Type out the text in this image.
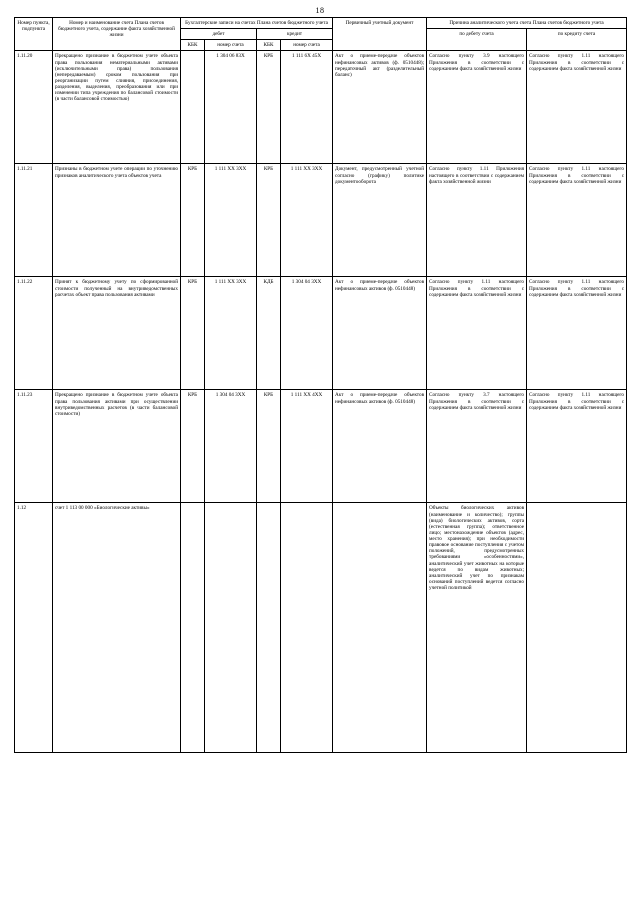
18
Номер пункта, подпункта	Номер и наименование счета Плана счетов бюджетного учета, содержание факта хозяйственной жизни	Бухгалтерские записи на счетах Плана счетов бюджетного учета				Первичный учетный документ	Причина аналитического учета счета Плана счетов бюджетного учета	
		дебет		кредит			по дебету счета	по кредиту счета
		КБК	номер счета	КБК	номер счета			
1.11.20	Прекращено признание в бюджетном учете объекта права пользования нематериальными активами (исключительными права) пользования (непередаваемым) сроком пользования при реорганизации путем слияния, присоединения, разделения, выделения, преобразования или при изменении типа учреждения по балансовой стоимости (в части балансовой стоимостью)		1 304 06 83Х	КРБ	1 111 6Х 45Х	Акт о приеме-передаче объектов нефинансовых активов (ф. 0510448); передаточный акт (разделительный баланс)	Согласно пункту 3.9 настоящего Приложения в соответствии с содержанием факта хозяйственной жизни	Согласно пункту 1.11 настоящего Приложения в соответствии с содержанием факта хозяйственной жизни
1.11.21	Признаны в бюджетном учете операции по уточнению признаков аналитического учета объектов учета	КРБ	1 111 ХХ 3ХХ	КРБ	1 111 ХХ 3ХХ	Документ, предусмотренный учетной согласно (графику) политике документооборота	Согласно пункту 1.11 Приложения настоящего в соответствии с содержанием факта хозяйственной жизни	Согласно пункту 1.11 настоящего Приложения в соответствии с содержанием факта хозяйственной жизни
1.11.22	Принят к бюджетному учету по сформированной стоимости полученный на внутриведомственных расчетах объект права пользования активами	КРБ	1 111 ХХ 3ХХ	КДБ	1 304 04 3ХХ	Акт о приеме-передаче объектов нефинансовых активов (ф. 0510448)	Согласно пункту 1.11 настоящего Приложения в соответствии с содержанием факта хозяйственной жизни	Согласно пункту 1.11 настоящего Приложения в соответствии с содержанием факта хозяйственной жизни
1.11.23	Прекращено признание в бюджетном учете объекта права пользования активами при осуществлении внутриведомственных расчетов (в части балансовой стоимости)	КРБ	1 304 04 3ХХ	КРБ	1 111 ХХ 4ХХ	Акт о приеме-передаче объектов нефинансовых активов (ф. 0510448)	Согласно пункту 3.7 настоящего Приложения в соответствии с содержанием факта хозяйственной жизни	Согласно пункту 1.11 настоящего Приложения в соответствии с содержанием факта хозяйственной жизни
1.12	счет 1 113 00 000 «Биологические активы»						Объекты биологических активов (наименование и количество); группы (вида) биологических активов, сорта (естественная группа); ответственное лицо; местонахождение объектов (адрес, место хранения); при необходимости правовое основание поступления с учетом положений, предусмотренных требованиями «особенностями», аналитический учет животных на которые ведется по видам животных; аналитический учет по признакам оснований поступлений ведется согласно учетной политикой	
